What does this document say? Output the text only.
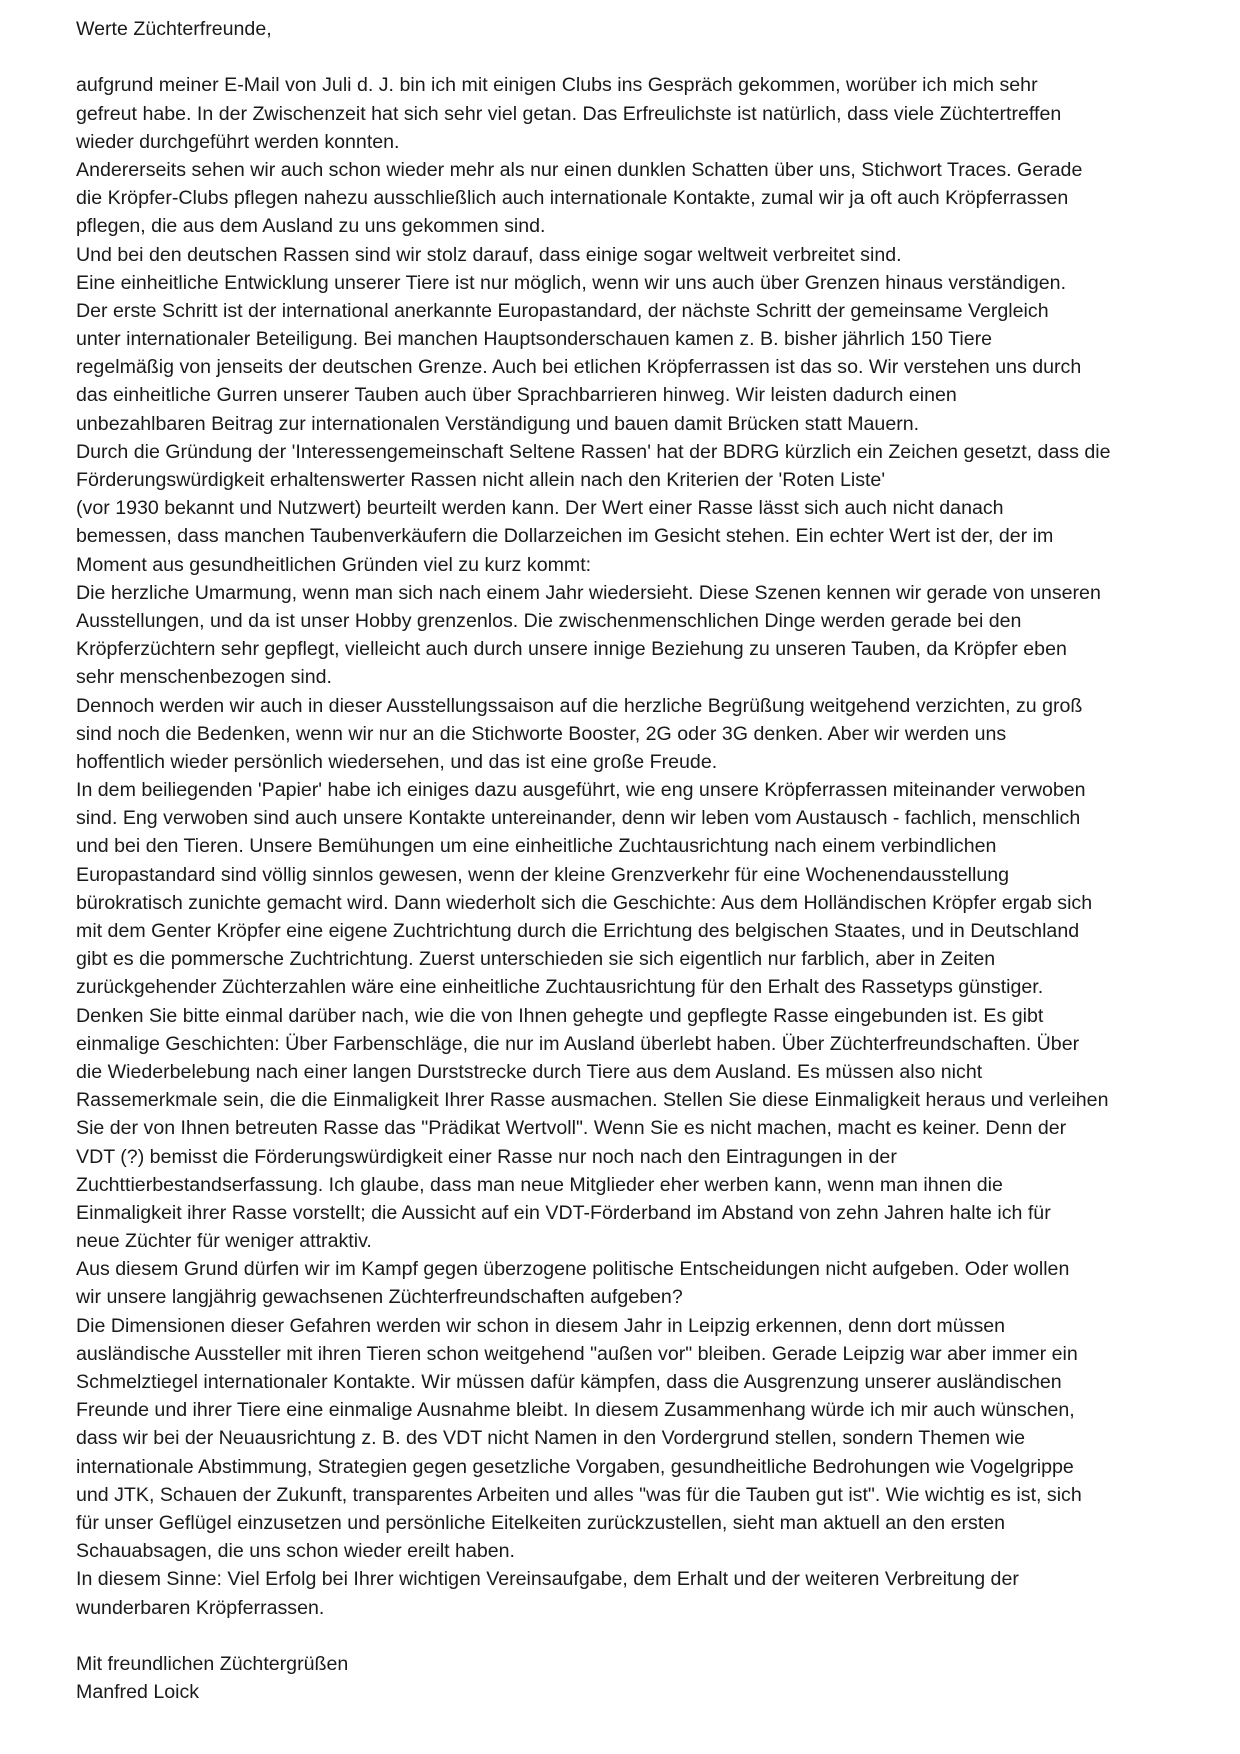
Werte Züchterfreunde,
aufgrund meiner E-Mail von Juli d. J. bin ich mit einigen Clubs ins Gespräch gekommen, worüber ich mich sehr
gefreut habe. In der Zwischenzeit hat sich sehr viel getan. Das Erfreulichste ist natürlich, dass viele Züchtertreffen
wieder durchgeführt werden konnten.
Andererseits sehen wir auch schon wieder mehr als nur einen dunklen Schatten über uns, Stichwort Traces. Gerade
die Kröpfer-Clubs pflegen nahezu ausschließlich auch internationale Kontakte, zumal wir ja oft auch Kröpferrassen
pflegen, die aus dem Ausland zu uns gekommen sind.
Und bei den deutschen Rassen sind wir stolz darauf, dass einige sogar weltweit verbreitet sind.
Eine einheitliche Entwicklung unserer Tiere ist nur möglich, wenn wir uns auch über Grenzen hinaus verständigen.
Der erste Schritt ist der international anerkannte Europastandard, der nächste Schritt der gemeinsame Vergleich
unter internationaler Beteiligung. Bei manchen Hauptsonderschauen kamen z. B. bisher jährlich 150 Tiere
regelmäßig von jenseits der deutschen Grenze. Auch bei etlichen Kröpferrassen ist das so. Wir verstehen uns durch
das einheitliche Gurren unserer Tauben auch über Sprachbarrieren hinweg. Wir leisten dadurch einen
unbezahlbaren Beitrag zur internationalen Verständigung und bauen damit Brücken statt Mauern.
Durch die Gründung der 'Interessengemeinschaft Seltene Rassen' hat der BDRG kürzlich ein Zeichen gesetzt, dass die
Förderungswürdigkeit erhaltenswerter Rassen nicht allein nach den Kriterien der 'Roten Liste'
(vor 1930 bekannt und Nutzwert) beurteilt werden kann. Der Wert einer Rasse lässt sich auch nicht danach
bemessen, dass manchen Taubenverkäufern die Dollarzeichen im Gesicht stehen. Ein echter Wert ist der, der im
Moment aus gesundheitlichen Gründen viel zu kurz kommt:
Die herzliche Umarmung, wenn man sich nach einem Jahr wiedersieht. Diese Szenen kennen wir gerade von unseren
Ausstellungen, und da ist unser Hobby grenzenlos. Die zwischenmenschlichen Dinge werden gerade bei den
Kröpferzüchtern sehr gepflegt, vielleicht auch durch unsere innige Beziehung zu unseren Tauben, da Kröpfer eben
sehr menschenbezogen sind.
Dennoch werden wir auch in dieser Ausstellungssaison auf die herzliche Begrüßung weitgehend verzichten, zu groß
sind noch die Bedenken, wenn wir nur an die Stichworte Booster, 2G oder 3G denken. Aber wir werden uns
hoffentlich wieder persönlich wiedersehen, und das ist eine große Freude.
In dem beiliegenden 'Papier' habe ich einiges dazu ausgeführt, wie eng unsere Kröpferrassen miteinander verwoben
sind. Eng verwoben sind auch unsere Kontakte untereinander, denn wir leben vom Austausch - fachlich, menschlich
und bei den Tieren. Unsere Bemühungen um eine einheitliche Zuchtausrichtung nach einem verbindlichen
Europastandard sind völlig sinnlos gewesen, wenn der kleine Grenzverkehr für eine Wochenendausstellung
bürokratisch zunichte gemacht wird. Dann wiederholt sich die Geschichte: Aus dem Holländischen Kröpfer ergab sich
mit dem Genter Kröpfer eine eigene Zuchtrichtung durch die Errichtung des belgischen Staates, und in Deutschland
gibt es die pommersche Zuchtrichtung. Zuerst unterschieden sie sich eigentlich nur farblich, aber in Zeiten
zurückgehender Züchterzahlen wäre eine einheitliche Zuchtausrichtung für den Erhalt des Rassetyps günstiger.
Denken Sie bitte einmal darüber nach, wie die von Ihnen gehegte und gepflegte Rasse eingebunden ist. Es gibt
einmalige Geschichten: Über Farbenschläge, die nur im Ausland überlebt haben. Über Züchterfreundschaften. Über
die Wiederbelebung nach einer langen Durststrecke durch Tiere aus dem Ausland. Es müssen also nicht
Rassemerkmale sein, die die Einmaligkeit Ihrer Rasse ausmachen. Stellen Sie diese Einmaligkeit heraus und verleihen
Sie der von Ihnen betreuten Rasse das "Prädikat Wertvoll". Wenn Sie es nicht machen, macht es keiner. Denn der
VDT (?) bemisst die Förderungswürdigkeit einer Rasse nur noch nach den Eintragungen in der
Zuchttierbestandserfassung. Ich glaube, dass man neue Mitglieder eher werben kann, wenn man ihnen die
Einmaligkeit ihrer Rasse vorstellt; die Aussicht auf ein VDT-Förderband im Abstand von zehn Jahren halte ich für
neue Züchter für weniger attraktiv.
Aus diesem Grund dürfen wir im Kampf gegen überzogene politische Entscheidungen nicht aufgeben. Oder wollen
wir unsere langjährig gewachsenen Züchterfreundschaften aufgeben?
Die Dimensionen dieser Gefahren werden wir schon in diesem Jahr in Leipzig erkennen, denn dort müssen
ausländische Aussteller mit ihren Tieren schon weitgehend "außen vor" bleiben. Gerade Leipzig war aber immer ein
Schmelztiegel internationaler Kontakte. Wir müssen dafür kämpfen, dass die Ausgrenzung unserer ausländischen
Freunde und ihrer Tiere eine einmalige Ausnahme bleibt. In diesem Zusammenhang würde ich mir auch wünschen,
dass wir bei der Neuausrichtung z. B. des VDT nicht Namen in den Vordergrund stellen, sondern Themen wie
internationale Abstimmung, Strategien gegen gesetzliche Vorgaben, gesundheitliche Bedrohungen wie Vogelgrippe
und JTK, Schauen der Zukunft, transparentes Arbeiten und alles "was für die Tauben gut ist". Wie wichtig es ist, sich
für unser Geflügel einzusetzen und persönliche Eitelkeiten zurückzustellen, sieht man aktuell an den ersten
Schauabsagen, die uns schon wieder ereilt haben.
In diesem Sinne: Viel Erfolg bei Ihrer wichtigen Vereinsaufgabe, dem Erhalt und der weiteren Verbreitung der
wunderbaren Kröpferrassen.
Mit freundlichen Züchtergrüßen
Manfred Loick
